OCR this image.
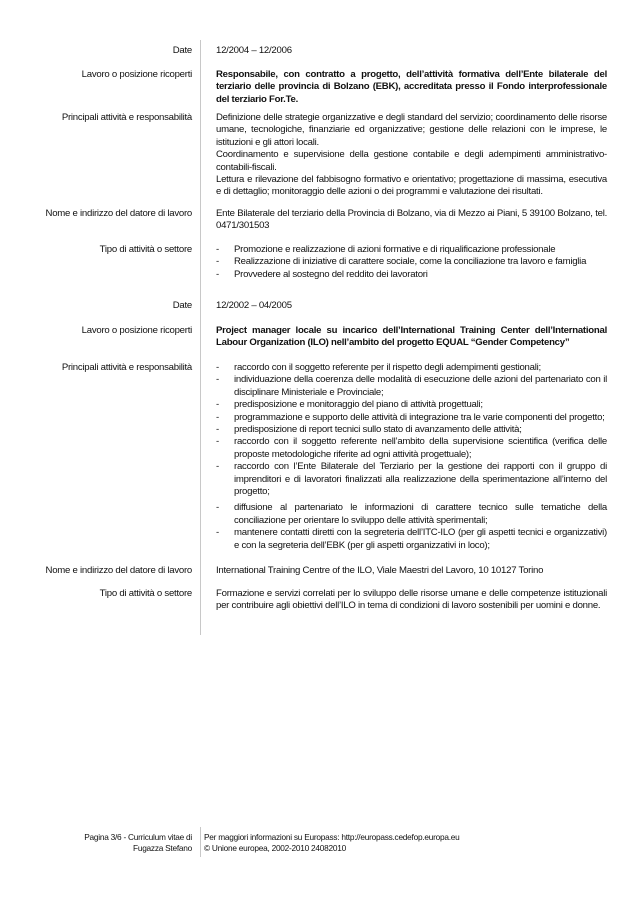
Date	12/2004 – 12/2006
Lavoro o posizione ricoperti	Responsabile, con contratto a progetto, dell’attività formativa dell’Ente bilaterale del terziario delle provincia di Bolzano (EBK), accreditata presso il Fondo interprofessionale del terziario For.Te.
Principali attività e responsabilità	Definizione delle strategie organizzative e degli standard del servizio; coordinamento delle risorse umane, tecnologiche, finanziarie ed organizzative; gestione delle relazioni con le imprese, le istituzioni e gli attori locali.

Coordinamento e supervisione della gestione contabile e degli adempimenti amministrativo-contabili-fiscali.

Lettura e rilevazione del fabbisogno formativo e orientativo; progettazione di massima, esecutiva e di dettaglio; monitoraggio delle azioni o dei programmi e valutazione dei risultati.

Nome e indirizzo del datore di lavoro	Ente Bilaterale del terziario della Provincia di Bolzano, via di Mezzo ai Piani, 5 39100 Bolzano, tel. 0471/301503
Tipo di attività o settore	- Promozione e realizzazione di azioni formative e di riqualificazione professionale
- Realizzazione di iniziative di carattere sociale, come la conciliazione tra lavoro e famiglia
- Provvedere al sostegno del reddito dei lavoratori
Date	12/2002 – 04/2005
Lavoro o posizione ricoperti	Project manager locale su incarico dell’International Training Center dell’International Labour Organization (ILO) nell’ambito del progetto EQUAL “Gender Competency”
Principali attività e responsabilità	- raccordo con il soggetto referente per il rispetto degli adempimenti gestionali;
- individuazione della coerenza delle modalità di esecuzione delle azioni del partenariato con il disciplinare Ministeriale e Provinciale;
- predisposizione e monitoraggio del piano di attività progettuali;
- programmazione e supporto delle attività di integrazione tra le varie componenti del progetto;
- predisposizione di report tecnici sullo stato di avanzamento delle attività;
- raccordo con il soggetto referente nell’ambito della supervisione scientifica (verifica delle proposte metodologiche riferite ad ogni attività progettuale);
- raccordo con l’Ente Bilaterale del Terziario per la gestione dei rapporti con il gruppo di imprenditori e di lavoratori finalizzati alla realizzazione della sperimentazione all’interno del progetto;
- diffusione al partenariato le informazioni di carattere tecnico sulle tematiche della conciliazione per orientare lo sviluppo delle attività sperimentali;
- mantenere contatti diretti con la segreteria dell’ITC-ILO (per gli aspetti tecnici e organizzativi) e con la segreteria dell’EBK (per gli aspetti organizzativi in loco);
Nome e indirizzo del datore di lavoro	International Training Centre of the ILO, Viale Maestri del Lavoro, 10 10127 Torino
Tipo di attività o settore	Formazione e servizi correlati per lo sviluppo delle risorse umane e delle competenze istituzionali per contribuire agli obiettivi dell’ILO in tema di condizioni di lavoro sostenibili per uomini e donne.
Pagina 3/6 - Curriculum vitae di
Fugazza Stefano
Per maggiori informazioni su Europass: http://europass.cedefop.europa.eu
© Unione europea, 2002-2010 24082010
